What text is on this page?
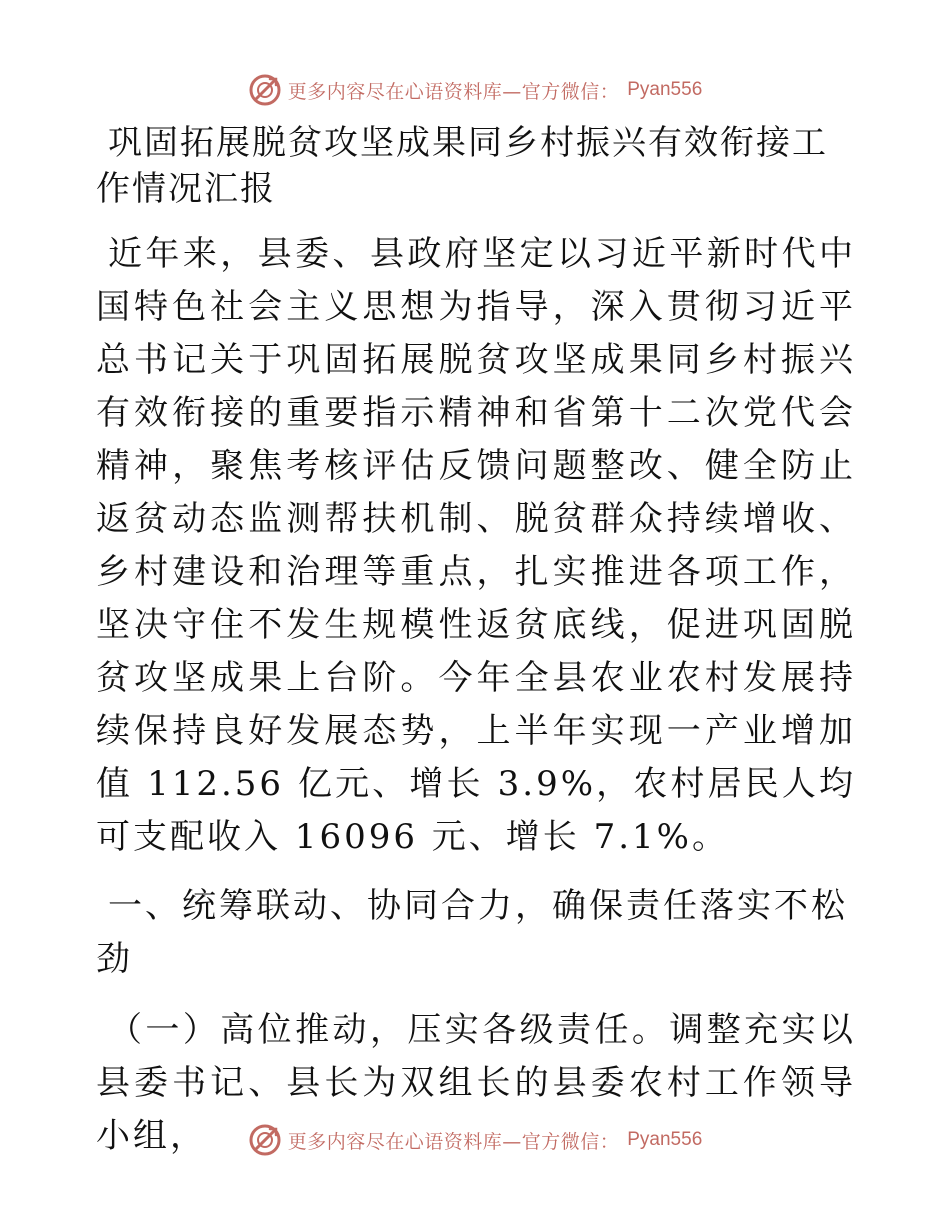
更多内容尽在心语资料库—官方微信： Pyan556
巩固拓展脱贫攻坚成果同乡村振兴有效衔接工作情况汇报

近年来，县委、县政府坚定以习近平新时代中国特色社会主义思想为指导，深入贯彻习近平总书记关于巩固拓展脱贫攻坚成果同乡村振兴有效衔接的重要指示精神和省第十二次党代会精神，聚焦考核评估反馈问题整改、健全防止返贫动态监测帮扶机制、脱贫群众持续增收、乡村建设和治理等重点，扎实推进各项工作，坚决守住不发生规模性返贫底线，促进巩固脱贫攻坚成果上台阶。今年全县农业农村发展持续保持良好发展态势，上半年实现一产业增加值 112.56 亿元、增长 3.9%，农村居民人均可支配收入 16096 元、增长 7.1%。

一、统筹联动、协同合力，确保责任落实不松劲

（一）高位推动，压实各级责任。调整充实以县委书记、县长为双组长的县委农村工作领导小组，	更多内容尽在心语资料库—官方微信： Pyan556
